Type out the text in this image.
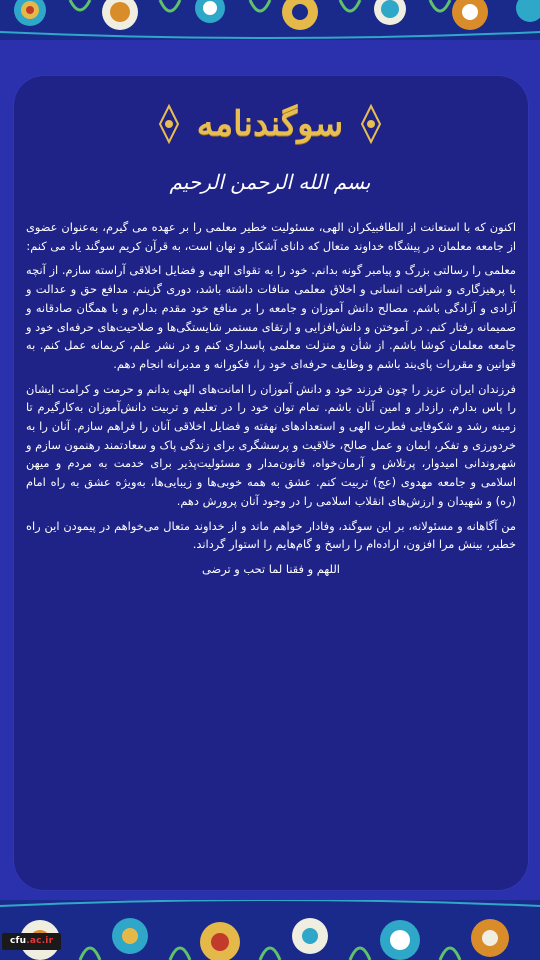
سوگندنامه
بسم الله الرحمن الرحیم

اکنون که با استعانت از الطافبیکران الهی، مسئولیت خطیر معلمی را بر عهده می گیرم، به‌عنوان عضوی از جامعه معلمان در پیشگاه خداوند متعال که دانای آشکار و نهان است، به قرآن کریم سوگند یاد می کنم:

معلمی را رسالتی بزرگ و پیامبر گونه بدانم. خود را به تقوای الهی و فضایل اخلاقی آراسته سازم. از آنچه با پرهیزگاری و شرافت انسانی و اخلاق معلمی منافات داشته باشد، دوری گزینم. مدافع حق و عدالت و آزادی و آزادگی باشم. مصالح دانش آموزان و جامعه را بر منافع خود مقدم بدارم و با همگان صادقانه و صمیمانه رفتار کنم. در آموختن و دانش‌افزایی و ارتقای مستمر شایستگی‌ها و صلاحیت‌های حرفه‌ای خود و جامعه معلمان کوشا باشم. از شأن و منزلت معلمی پاسداری کنم و در نشر علم، کریمانه عمل کنم. به قوانین و مقررات پای‌بند باشم و وظایف حرفه‌ای خود را، فکورانه و مدبرانه انجام دهم.

فرزندان ایران عزیز را چون فرزند خود و دانش آموزان را امانت‌های الهی بدانم و حرمت و کرامت ایشان را پاس بدارم. رازدار و امین آنان باشم. تمام توان خود را در تعلیم و تربیت دانش‌آموزان به‌کارگیرم تا زمینه رشد و شکوفایی فطرت الهی و استعدادهای نهفته و فضایل اخلاقی آنان را فراهم سازم. آنان را به خردورزی و تفکر، ایمان و عمل صالح، خلاقیت و پرسشگری برای زندگی پاک و سعادتمند رهنمون سازم و شهروندانی امیدوار، پرتلاش و آرمان‌خواه، قانون‌مدار و مسئولیت‌پذیر برای خدمت به مردم و میهن اسلامی و جامعه مهدوی (عج) تربیت کنم. عشق به همه خوبی‌ها و زیبایی‌ها، به‌ویژه عشق به راه امام (ره) و شهیدان و ارزش‌های انقلاب اسلامی را در وجود آنان پرورش دهم.

من آگاهانه و مسئولانه، بر این سوگند، وفادار خواهم ماند و از خداوند متعال می‌خواهم در پیمودن این راه خطیر، بینش مرا افزون، اراده‌ام را راسخ و گام‌هایم را استوار گرداند.

اللهم و فقنا لما تحب و ترضی

cfu.ac.ir
